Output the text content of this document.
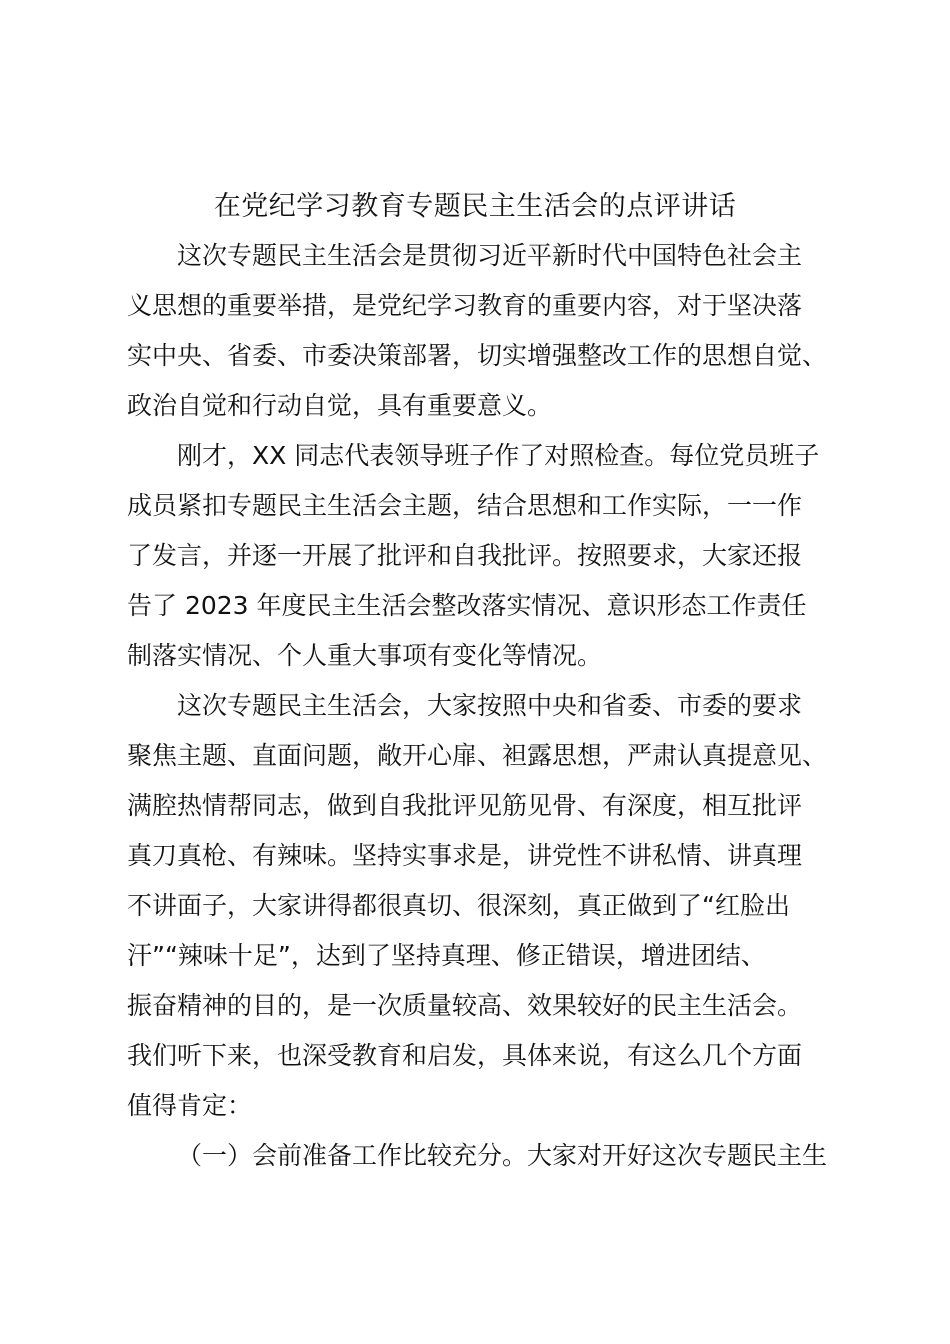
在党纪学习教育专题民主生活会的点评讲话
这次专题民主生活会是贯彻习近平新时代中国特色社会主
义思想的重要举措，是党纪学习教育的重要内容，对于坚决落
实中央、省委、市委决策部署，切实增强整改工作的思想自觉、
政治自觉和行动自觉，具有重要意义。
刚才，XX 同志代表领导班子作了对照检查。每位党员班子
成员紧扣专题民主生活会主题，结合思想和工作实际，一一作
了发言，并逐一开展了批评和自我批评。按照要求，大家还报
告了 2023 年度民主生活会整改落实情况、意识形态工作责任
制落实情况、个人重大事项有变化等情况。
这次专题民主生活会，大家按照中央和省委、市委的要求
聚焦主题、直面问题，敞开心扉、袒露思想，严肃认真提意见、
满腔热情帮同志，做到自我批评见筋见骨、有深度，相互批评
真刀真枪、有辣味。坚持实事求是，讲党性不讲私情、讲真理
不讲面子，大家讲得都很真切、很深刻，真正做到了“红脸出
汗”“辣味十足”，达到了坚持真理、修正错误，增进团结、
振奋精神的目的，是一次质量较高、效果较好的民主生活会。
我们听下来，也深受教育和启发，具体来说，有这么几个方面
值得肯定：
（一）会前准备工作比较充分。大家对开好这次专题民主生
